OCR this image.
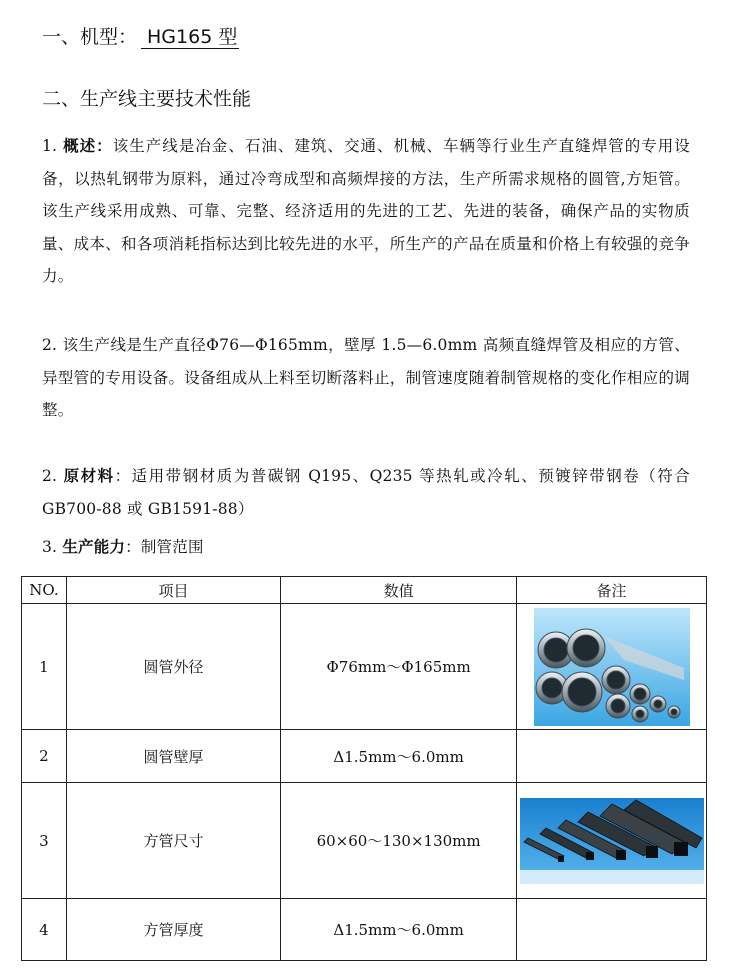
一、机型： HG165 型
二、生产线主要技术性能
1. 概述：该生产线是冶金、石油、建筑、交通、机械、车辆等行业生产直缝焊管的专用设备，以热轧钢带为原料，通过冷弯成型和高频焊接的方法，生产所需求规格的圆管,方矩管。该生产线采用成熟、可靠、完整、经济适用的先进的工艺、先进的装备，确保产品的实物质量、成本、和各项消耗指标达到比较先进的水平，所生产的产品在质量和价格上有较强的竞争力。
2. 该生产线是生产直径Φ76—Φ165mm，壁厚 1.5—6.0mm 高频直缝焊管及相应的方管、异型管的专用设备。设备组成从上料至切断落料止，制管速度随着制管规格的变化作相应的调整。
2. 原材料：适用带钢材质为普碳钢 Q195、Q235 等热轧或冷轧、预镀锌带钢卷（符合 GB700-88 或 GB1591-88）
3. 生产能力：制管范围
NO.	项目	数值	备注
1	圆管外径	Φ76mm～Φ165mm	

2	圆管壁厚	Δ1.5mm～6.0mm	
3	方管尺寸	60×60～130×130mm	

4	方管厚度	Δ1.5mm～6.0mm	
